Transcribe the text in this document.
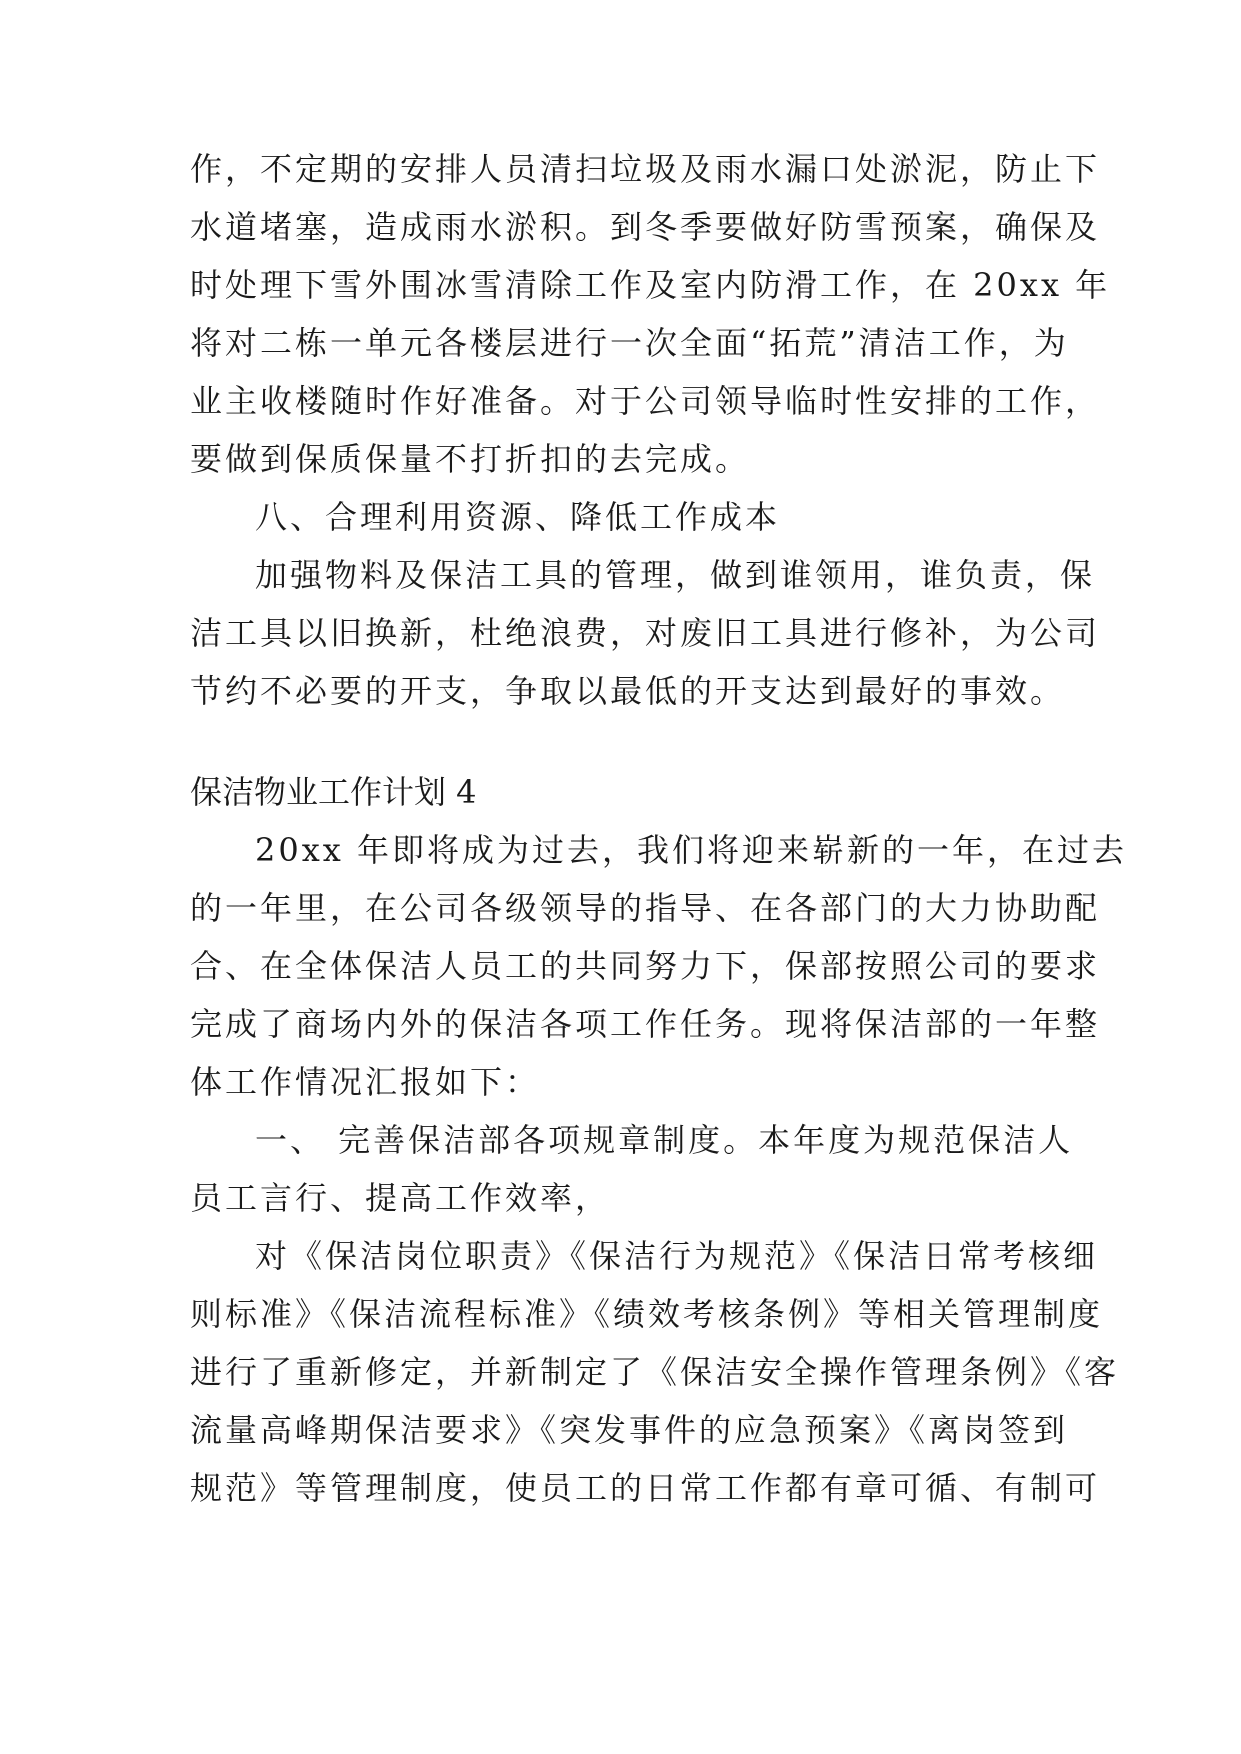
作，不定期的安排人员清扫垃圾及雨水漏口处淤泥，防止下
水道堵塞，造成雨水淤积。到冬季要做好防雪预案，确保及
时处理下雪外围冰雪清除工作及室内防滑工作，在 20xx 年
将对二栋一单元各楼层进行一次全面“拓荒”清洁工作，为
业主收楼随时作好准备。对于公司领导临时性安排的工作，
要做到保质保量不打折扣的去完成。
八、合理利用资源、降低工作成本
加强物料及保洁工具的管理，做到谁领用，谁负责，保
洁工具以旧换新，杜绝浪费，对废旧工具进行修补，为公司
节约不必要的开支，争取以最低的开支达到最好的事效。
保洁物业工作计划 4
20xx 年即将成为过去，我们将迎来崭新的一年，在过去
的一年里，在公司各级领导的指导、在各部门的大力协助配
合、在全体保洁人员工的共同努力下，保部按照公司的要求
完成了商场内外的保洁各项工作任务。现将保洁部的一年整
体工作情况汇报如下：
一、 完善保洁部各项规章制度。本年度为规范保洁人
员工言行、提高工作效率，
对《保洁岗位职责》《保洁行为规范》《保洁日常考核细
则标准》《保洁流程标准》《绩效考核条例》等相关管理制度
进行了重新修定，并新制定了《保洁安全操作管理条例》《客
流量高峰期保洁要求》《突发事件的应急预案》《离岗签到
规范》等管理制度，使员工的日常工作都有章可循、有制可
